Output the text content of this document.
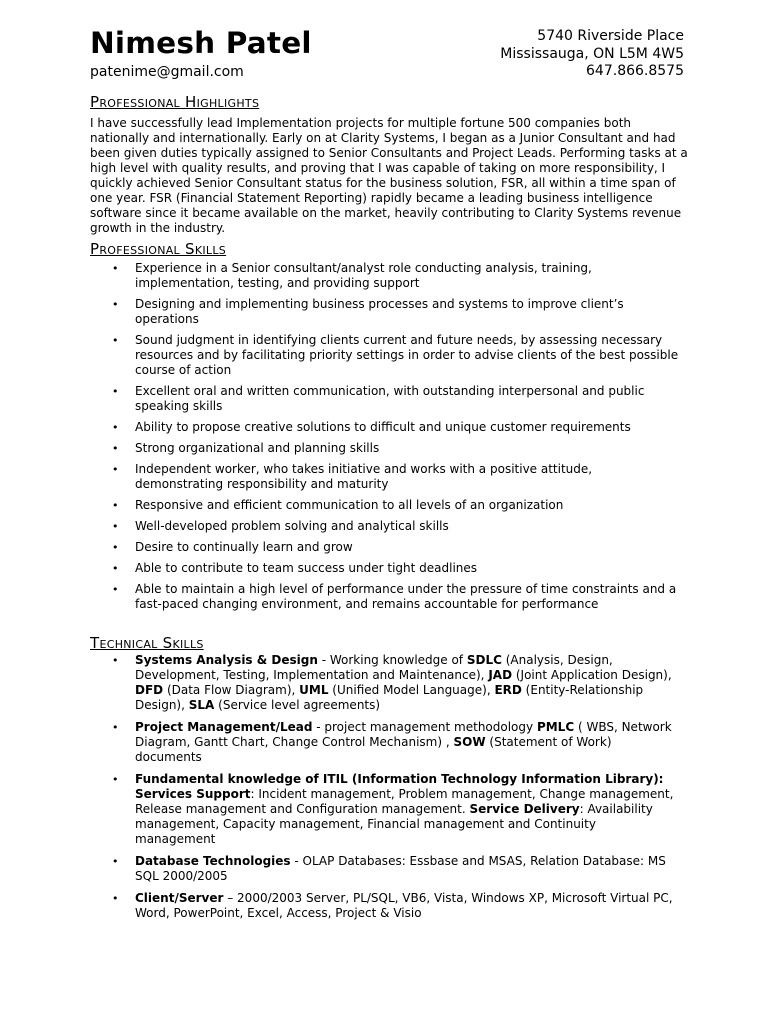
Nimesh Patel
patenime@gmail.com
5740 Riverside Place
Mississauga, ON L5M 4W5
647.866.8575
Professional Highlights

I have successfully lead Implementation projects for multiple fortune 500 companies both nationally and internationally. Early on at Clarity Systems, I began as a Junior Consultant and had been given duties typically assigned to Senior Consultants and Project Leads. Performing tasks at a high level with quality results, and proving that I was capable of taking on more responsibility, I quickly achieved Senior Consultant status for the business solution, FSR, all within a time span of one year. FSR (Financial Statement Reporting) rapidly became a leading business intelligence software since it became available on the market, heavily contributing to Clarity Systems revenue growth in the industry.

Professional Skills
• Experience in a Senior consultant/analyst role conducting analysis, training, implementation, testing, and providing support
• Designing and implementing business processes and systems to improve client’s operations
• Sound judgment in identifying clients current and future needs, by assessing necessary resources and by facilitating priority settings in order to advise clients of the best possible course of action
• Excellent oral and written communication, with outstanding interpersonal and public speaking skills
• Ability to propose creative solutions to difficult and unique customer requirements
• Strong organizational and planning skills
• Independent worker, who takes initiative and works with a positive attitude, demonstrating responsibility and maturity
• Responsive and efficient communication to all levels of an organization
• Well-developed problem solving and analytical skills
• Desire to continually learn and grow
• Able to contribute to team success under tight deadlines
• Able to maintain a high level of performance under the pressure of time constraints and a fast-paced changing environment, and remains accountable for performance
Technical Skills
• Systems Analysis & Design - Working knowledge of SDLC (Analysis, Design, Development, Testing, Implementation and Maintenance), JAD (Joint Application Design), DFD (Data Flow Diagram), UML (Unified Model Language), ERD (Entity-Relationship Design), SLA (Service level agreements)
• Project Management/Lead - project management methodology PMLC ( WBS, Network Diagram, Gantt Chart, Change Control Mechanism) , SOW (Statement of Work) documents
• Fundamental knowledge of ITIL (Information Technology Information Library): Services Support: Incident management, Problem management, Change management, Release management and Configuration management. Service Delivery: Availability management, Capacity management, Financial management and Continuity management
• Database Technologies - OLAP Databases: Essbase and MSAS, Relation Database: MS SQL 2000/2005
• Client/Server – 2000/2003 Server, PL/SQL, VB6, Vista, Windows XP, Microsoft Virtual PC, Word, PowerPoint, Excel, Access, Project & Visio
